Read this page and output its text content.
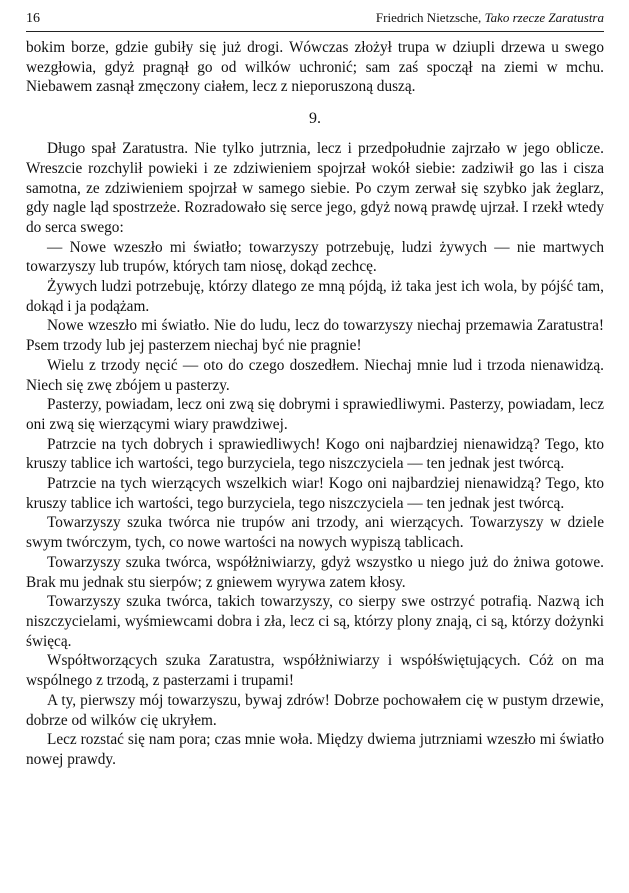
16	Friedrich Nietzsche, Tako rzecze Zaratustra

bokim borze, gdzie gubiły się już drogi. Wówczas złożył trupa w dziupli drzewa u swego wezgłowia, gdyż pragnął go od wilków uchronić; sam zaś spoczął na ziemi w mchu. Niebawem zasnął zmęczony ciałem, lecz z nieporuszoną duszą.

9.

Długo spał Zaratustra. Nie tylko jutrznia, lecz i przedpołudnie zajrzało w jego oblicze. Wreszcie rozchylił powieki i ze zdziwieniem spojrzał wokół siebie: zadziwił go las i cisza samotna, ze zdziwieniem spojrzał w samego siebie. Po czym zerwał się szybko jak żeglarz, gdy nagle ląd spostrzeże. Rozradowało się serce jego, gdyż nową prawdę ujrzał. I rzekł wtedy do serca swego:

— Nowe wzeszło mi światło; towarzyszy potrzebuję, ludzi żywych — nie martwych towarzyszy lub trupów, których tam niosę, dokąd zechcę.

Żywych ludzi potrzebuję, którzy dlatego ze mną pójdą, iż taka jest ich wola, by pójść tam, dokąd i ja podążam.

Nowe wzeszło mi światło. Nie do ludu, lecz do towarzyszy niechaj przemawia Zaratustra! Psem trzody lub jej pasterzem niechaj być nie pragnie!

Wielu z trzody nęcić — oto do czego doszedłem. Niechaj mnie lud i trzoda nienawidzą. Niech się zwę zbójem u pasterzy.

Pasterzy, powiadam, lecz oni zwą się dobrymi i sprawiedliwymi. Pasterzy, powiadam, lecz oni zwą się wierzącymi wiary prawdziwej.

Patrzcie na tych dobrych i sprawiedliwych! Kogo oni najbardziej nienawidzą? Tego, kto kruszy tablice ich wartości, tego burzyciela, tego niszczyciela — ten jednak jest twórcą.

Patrzcie na tych wierzących wszelkich wiar! Kogo oni najbardziej nienawidzą? Tego, kto kruszy tablice ich wartości, tego burzyciela, tego niszczyciela — ten jednak jest twórcą.

Towarzyszy szuka twórca nie trupów ani trzody, ani wierzących. Towarzyszy w dziele swym twórczym, tych, co nowe wartości na nowych wypiszą tablicach.

Towarzyszy szuka twórca, współżniwiarzy, gdyż wszystko u niego już do żniwa gotowe. Brak mu jednak stu sierpów; z gniewem wyrywa zatem kłosy.

Towarzyszy szuka twórca, takich towarzyszy, co sierpy swe ostrzyć potrafią. Nazwą ich niszczycielami, wyśmiewcami dobra i zła, lecz ci są, którzy plony znają, ci są, którzy dożynki święcą.

Współtworzących szuka Zaratustra, współżniwiarzy i współświętujących. Cóż on ma wspólnego z trzodą, z pasterzami i trupami!

A ty, pierwszy mój towarzyszu, bywaj zdrów! Dobrze pochowałem cię w pustym drzewie, dobrze od wilków cię ukryłem.

Lecz rozstać się nam pora; czas mnie woła. Między dwiema jutrzniami wzeszło mi światło nowej prawdy.
